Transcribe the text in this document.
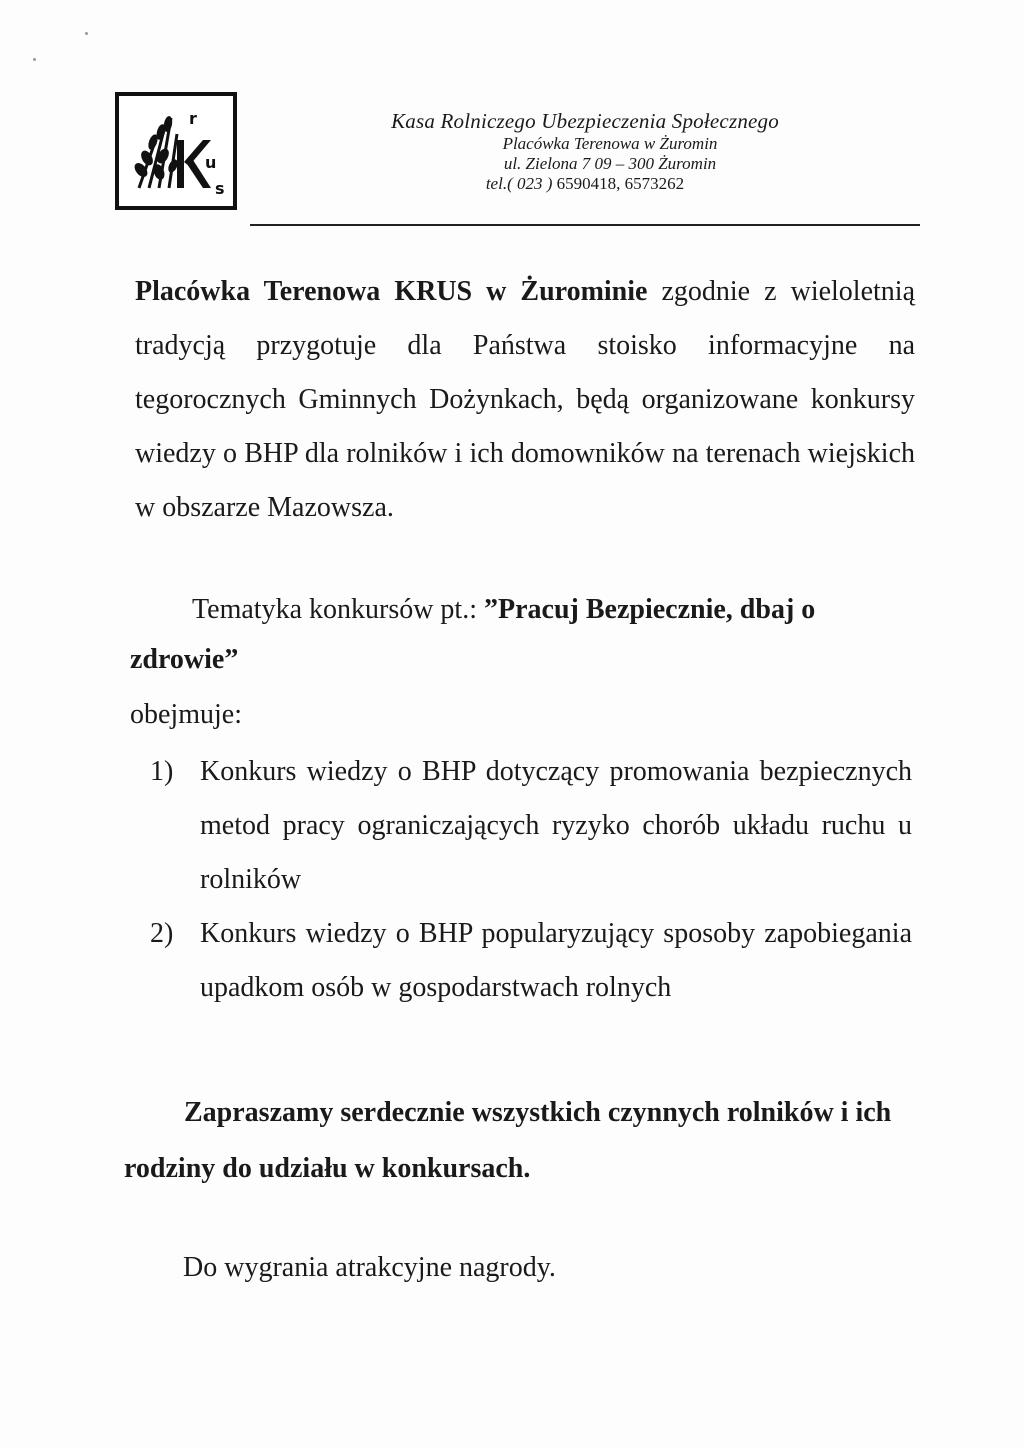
r
u
s
Kasa Rolniczego Ubezpieczenia Społecznego
Placówka Terenowa w Żuromin
ul. Zielona 7 09 – 300 Żuromin
tel.( 023 ) 6590418, 6573262
Placówka Terenowa KRUS w Żurominie zgodnie z wieloletnią tradycją przygotuje dla Państwa stoisko informacyjne na tegorocznych Gminnych Dożynkach, będą organizowane konkursy wiedzy o BHP dla rolników i ich domowników na terenach wiejskich w obszarze Mazowsza.
Tematyka konkursów pt.: ”Pracuj Bezpiecznie, dbaj o zdrowie”
obejmuje:
1) Konkurs wiedzy o BHP dotyczący promowania bezpiecznych metod pracy ograniczających ryzyko chorób układu ruchu u rolników
2) Konkurs wiedzy o BHP popularyzujący sposoby zapobiegania upadkom osób w gospodarstwach rolnych
Zapraszamy serdecznie wszystkich czynnych rolników i ich rodziny do udziału w konkursach.
Do wygrania atrakcyjne nagrody.
